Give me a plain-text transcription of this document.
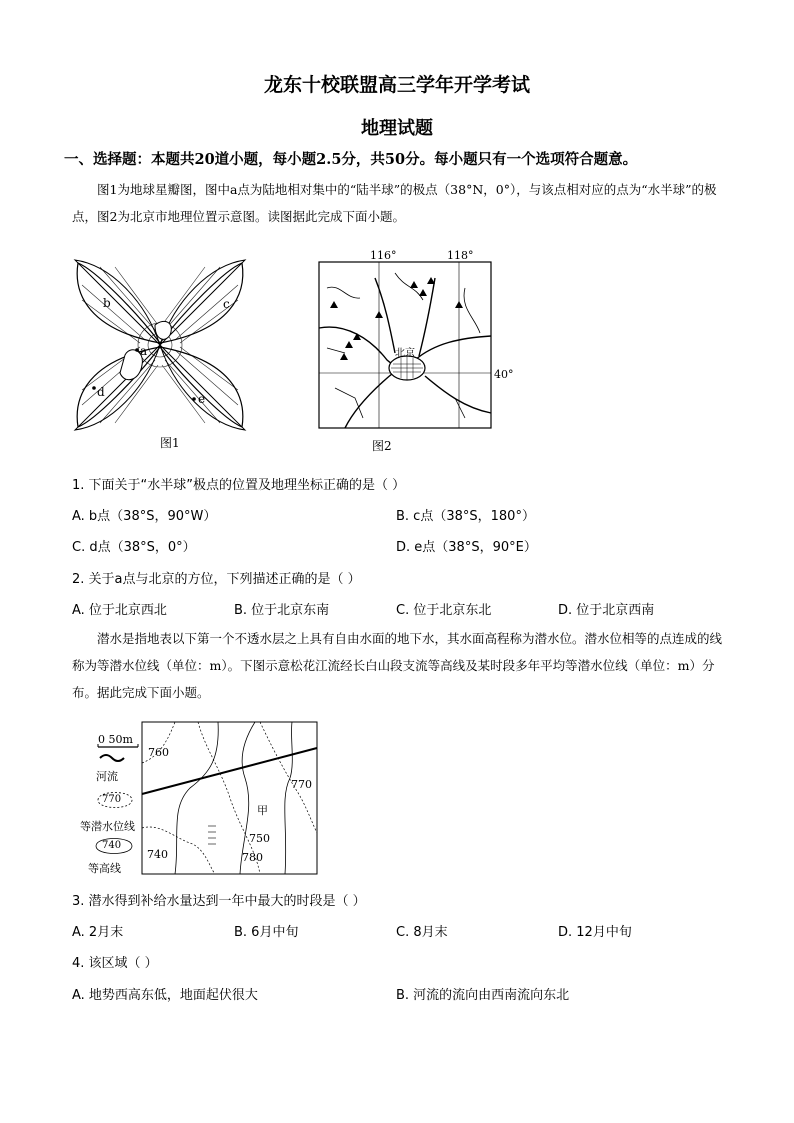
龙东十校联盟高三学年开学考试
地理试题
一、选择题：本题共20道小题，每小题2.5分，共50分。每小题只有一个选项符合题意。
图1为地球星瓣图，图中a点为陆地相对集中的“陆半球”的极点（38°N，0°），与该点相对应的点为“水半球”的极点，图2为北京市地理位置示意图。读图据此完成下面小题。
b	c
a
d	e
图1
116°	118°
40°
北京
图2
1. 下面关于“水半球”极点的位置及地理坐标正确的是（ ）
A. b点（38°S，90°W）	B. c点（38°S，180°）
C. d点（38°S，0°）	D. e点（38°S，90°E）
2. 关于a点与北京的方位，下列描述正确的是（ ）
A. 位于北京西北	B. 位于北京东南	C. 位于北京东北	D. 位于北京西南
潜水是指地表以下第一个不透水层之上具有自由水面的地下水，其水面高程称为潜水位。潜水位相等的点连成的线称为等潜水位线（单位：m）。下图示意松花江流经长白山段支流等高线及某时段多年平均等潜水位线（单位：m）分布。据此完成下面小题。
0 50m
河流
770
等潜水位线
740
等高线
760
770
甲
750
740	780
3. 潜水得到补给水量达到一年中最大的时段是（ ）
A. 2月末	B. 6月中旬	C. 8月末	D. 12月中旬
4. 该区域（ ）
A. 地势西高东低，地面起伏很大	B. 河流的流向由西南流向东北
